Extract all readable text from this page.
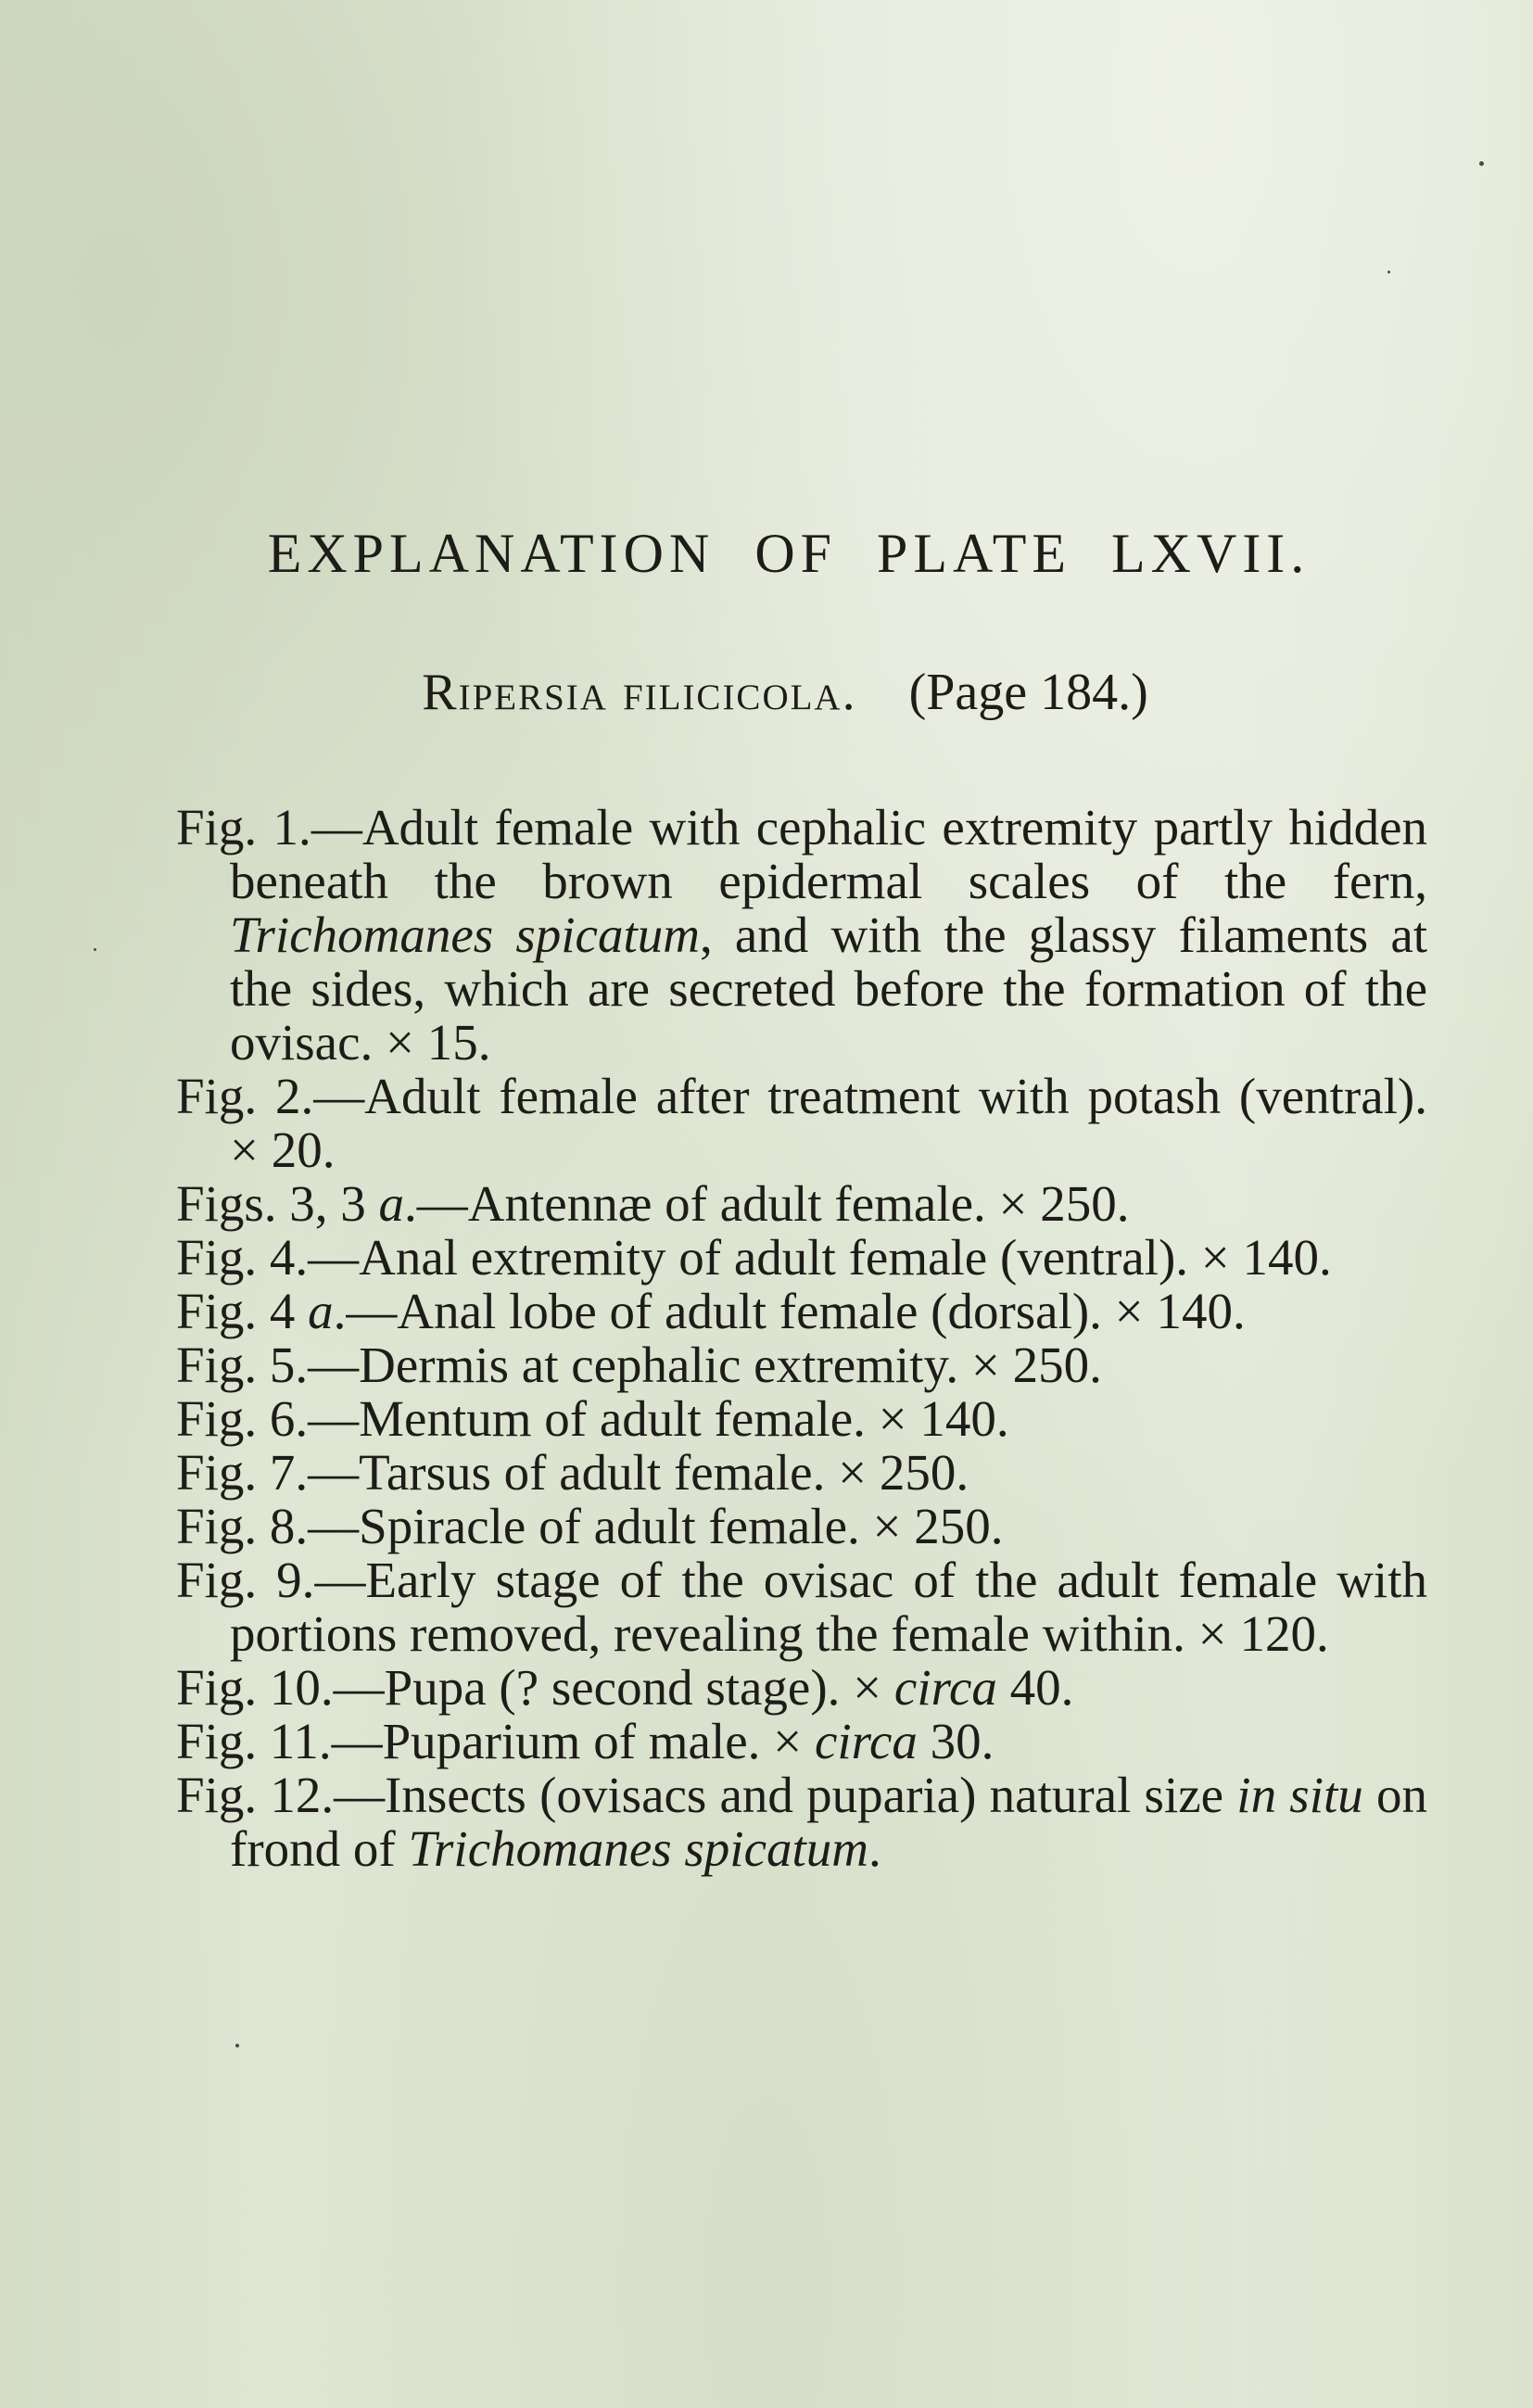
EXPLANATION OF PLATE LXVII.
Ripersia filicicola. (Page 184.)

Fig. 1.—Adult female with cephalic extremity partly hidden beneath the brown epidermal scales of the fern, Trichomanes spicatum, and with the glassy filaments at the sides, which are secreted before the formation of the ovisac. × 15.

Fig. 2.—Adult female after treatment with potash (ventral). × 20.

Figs. 3, 3 a.—Antennæ of adult female. × 250.

Fig. 4.—Anal extremity of adult female (ventral). × 140.

Fig. 4 a.—Anal lobe of adult female (dorsal). × 140.

Fig. 5.—Dermis at cephalic extremity. × 250.

Fig. 6.—Mentum of adult female. × 140.

Fig. 7.—Tarsus of adult female. × 250.

Fig. 8.—Spiracle of adult female. × 250.

Fig. 9.—Early stage of the ovisac of the adult female with portions removed, revealing the female within. × 120.

Fig. 10.—Pupa (? second stage). × circa 40.

Fig. 11.—Puparium of male. × circa 30.

Fig. 12.—Insects (ovisacs and puparia) natural size in situ on frond of Trichomanes spicatum.
